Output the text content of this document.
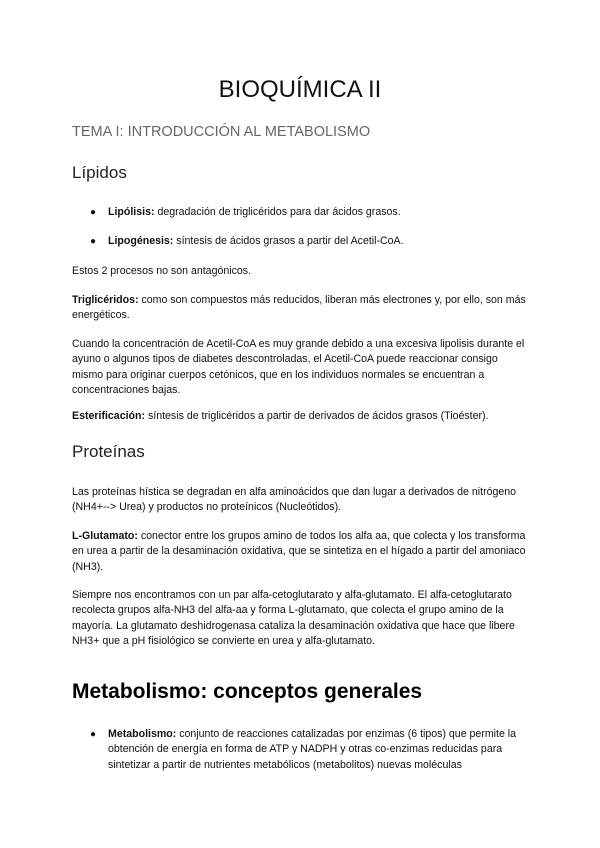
BIOQUÍMICA II

TEMA I: INTRODUCCIÓN AL METABOLISMO

Lípidos
● Lipólisis: degradación de triglicéridos para dar ácidos grasos.
● Lipogénesis: síntesis de ácidos grasos a partir del Acetil-CoA.

Estos 2 procesos no son antagónicos.

Triglicéridos: como son compuestos más reducidos, liberan más electrones y, por ello, son más energéticos.

Cuando la concentración de Acetil-CoA es muy grande debido a una excesiva lipolisis durante el ayuno o algunos tipos de diabetes descontroladas, el Acetil-CoA puede reaccionar consigo mismo para originar cuerpos cetónicos, que en los individuos normales se encuentran a concentraciones bajas.

Esterificación: síntesis de triglicéridos a partir de derivados de ácidos grasos (Tioéster).

Proteínas

Las proteínas hística se degradan en alfa aminoácidos que dan lugar a derivados de nitrógeno (NH4+--> Urea) y productos no proteínicos (Nucleótidos).

L-Glutamato: conector entre los grupos amino de todos los alfa aa, que colecta y los transforma en urea a partir de la desaminación oxidativa, que se sintetiza en el hígado a partir del amoniaco (NH3).

Siempre nos encontramos con un par alfa-cetoglutarato y alfa-glutamato. El alfa-cetoglutarato recolecta grupos alfa-NH3 del alfa-aa y forma L-glutamato, que colecta el grupo amino de la mayoría. La glutamato deshidrogenasa cataliza la desaminación oxidativa que hace que libere NH3+ que a pH fisiológico se convierte en urea y alfa-glutamato.

Metabolismo: conceptos generales
● Metabolismo: conjunto de reacciones catalizadas por enzimas (6 tipos) que permite la obtención de energía en forma de ATP y NADPH y otras co-enzimas reducidas para sintetizar a partir de nutrientes metabólicos (metabolitos) nuevas moléculas
